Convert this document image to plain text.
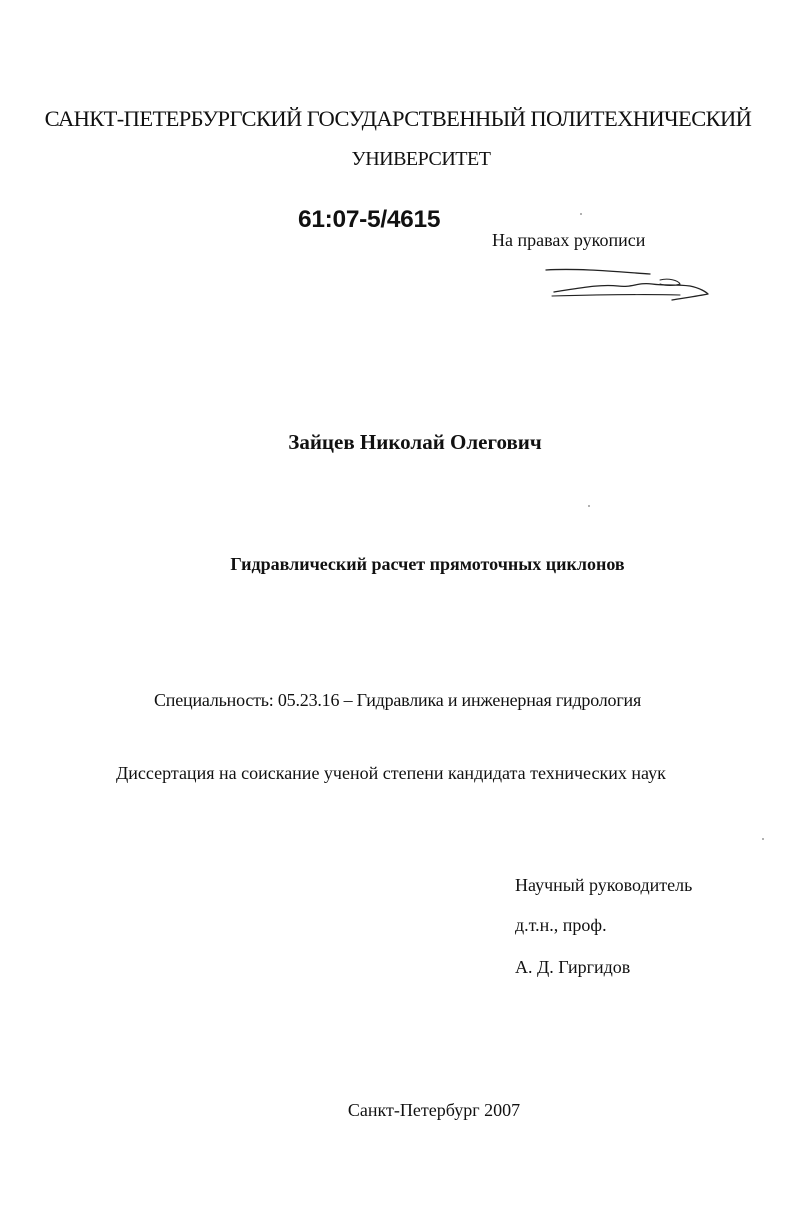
САНКТ-ПЕТЕРБУРГСКИЙ ГОСУДАРСТВЕННЫЙ ПОЛИТЕХНИЧЕСКИЙ
УНИВЕРСИТЕТ
61:07-5/4615
На правах рукописи
Зайцев Николай Олегович
Гидравлический расчет прямоточных циклонов
Специальность: 05.23.16 – Гидравлика и инженерная гидрология
Диссертация на соискание ученой степени кандидата технических наук
Научный руководитель
д.т.н., проф.
А. Д. Гиргидов
Санкт-Петербург 2007
